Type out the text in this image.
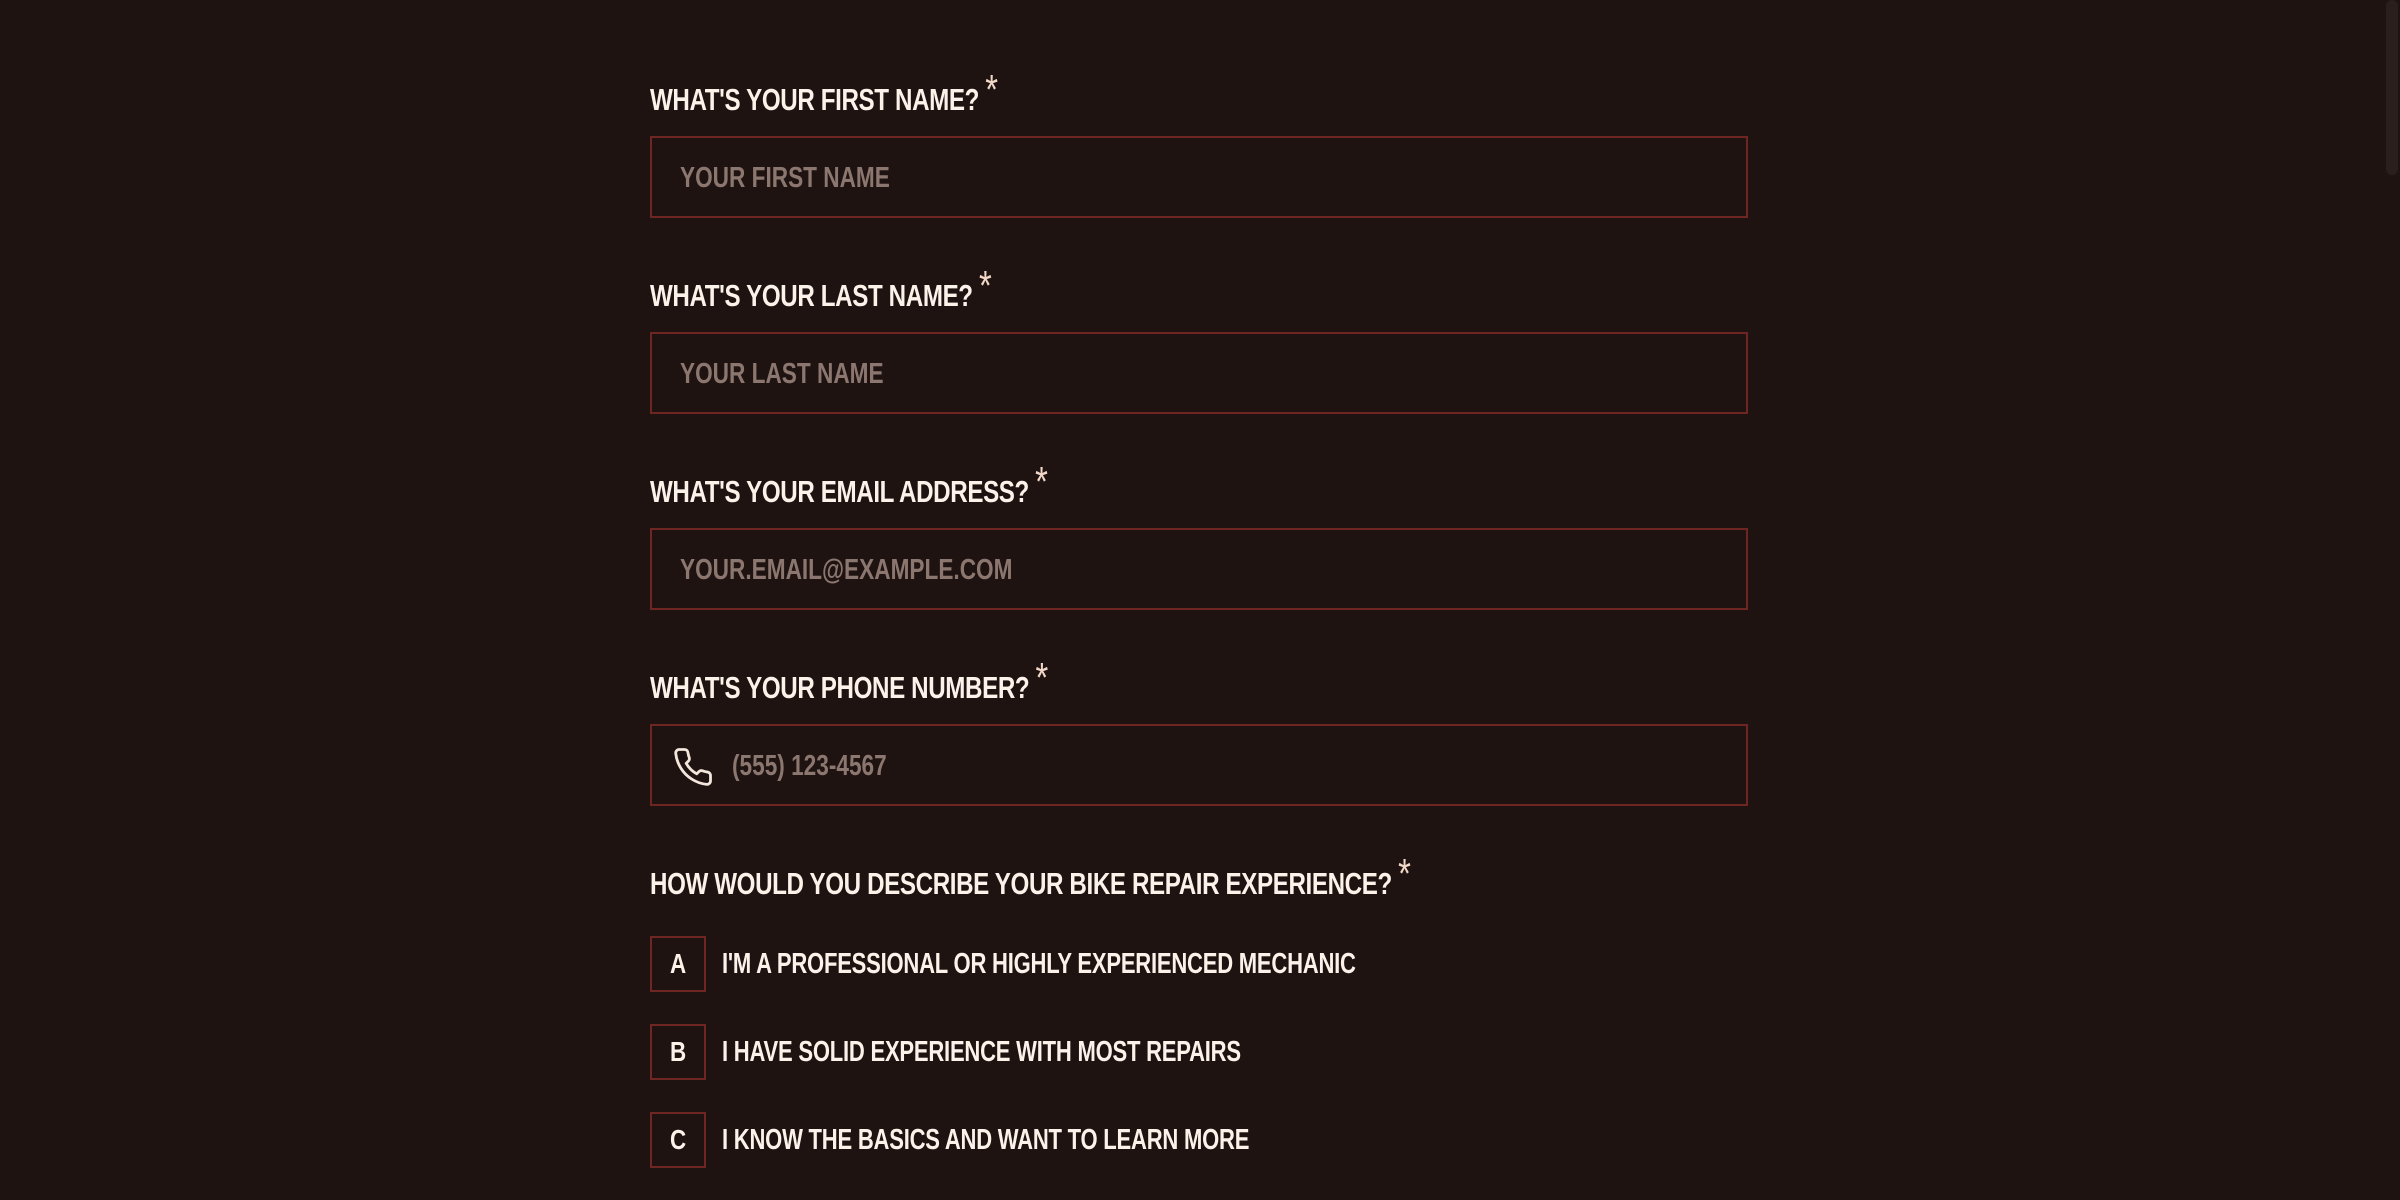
WHAT'S YOUR FIRST NAME? *
YOUR FIRST NAME
WHAT'S YOUR LAST NAME? *
YOUR LAST NAME
WHAT'S YOUR EMAIL ADDRESS? *
YOUR.EMAIL@EXAMPLE.COM
WHAT'S YOUR PHONE NUMBER? *
(555) 123-4567
HOW WOULD YOU DESCRIBE YOUR BIKE REPAIR EXPERIENCE? *
A	I'M A PROFESSIONAL OR HIGHLY EXPERIENCED MECHANIC
B	I HAVE SOLID EXPERIENCE WITH MOST REPAIRS
C	I KNOW THE BASICS AND WANT TO LEARN MORE
